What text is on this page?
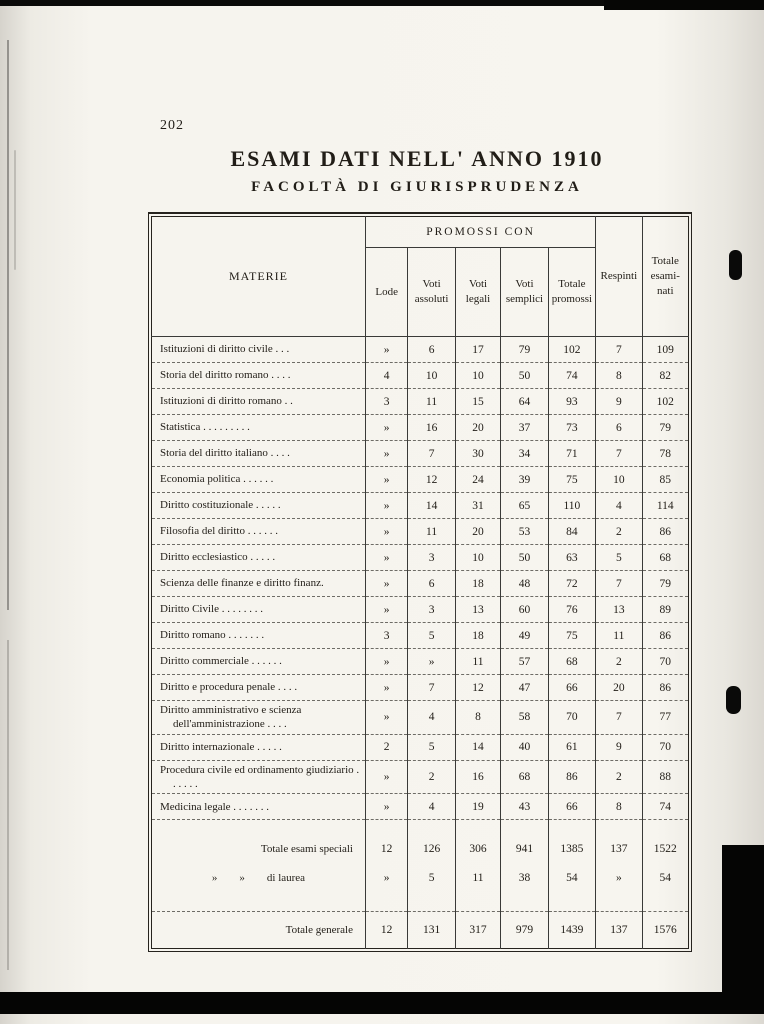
202
ESAMI DATI NELL' ANNO 1910
FACOLTÀ DI GIURISPRUDENZA
MATERIE	PROMOSSI CON					Respinti	Totale esami- nati
	Lode	Voti assoluti	Voti legali	Voti semplici	Totale promossi		
Istituzioni di diritto civile . . .	»	6	17	79	102	7	109
Storia del diritto romano . . . .	4	10	10	50	74	8	82
Istituzioni di diritto romano . .	3	11	15	64	93	9	102
Statistica . . . . . . . . .	»	16	20	37	73	6	79
Storia del diritto italiano . . . .	»	7	30	34	71	7	78
Economia politica . . . . . .	»	12	24	39	75	10	85
Diritto costituzionale . . . . .	»	14	31	65	110	4	114
Filosofia del diritto . . . . . .	»	11	20	53	84	2	86
Diritto ecclesiastico . . . . .	»	3	10	50	63	5	68
Scienza delle finanze e diritto finanz.	»	6	18	48	72	7	79
Diritto Civile . . . . . . . .	»	3	13	60	76	13	89
Diritto romano . . . . . . .	3	5	18	49	75	11	86
Diritto commerciale . . . . . .	»	»	11	57	68	2	70
Diritto e procedura penale . . . .	»	7	12	47	66	20	86
Diritto amministrativo e scienza dell'amministrazione . . . .	»	4	8	58	70	7	77
Diritto internazionale . . . . .	2	5	14	40	61	9	70
Procedura civile ed ordinamento giudiziario . . . . . .	»	2	16	68	86	2	88
Medicina legale . . . . . . .	»	4	19	43	66	8	74

Totale esami speciali	12	126	306	941	1385	137	1522
»  »  di laurea	»	5	11	38	54	»	54

Totale generale	12	131	317	979	1439	137	1576
